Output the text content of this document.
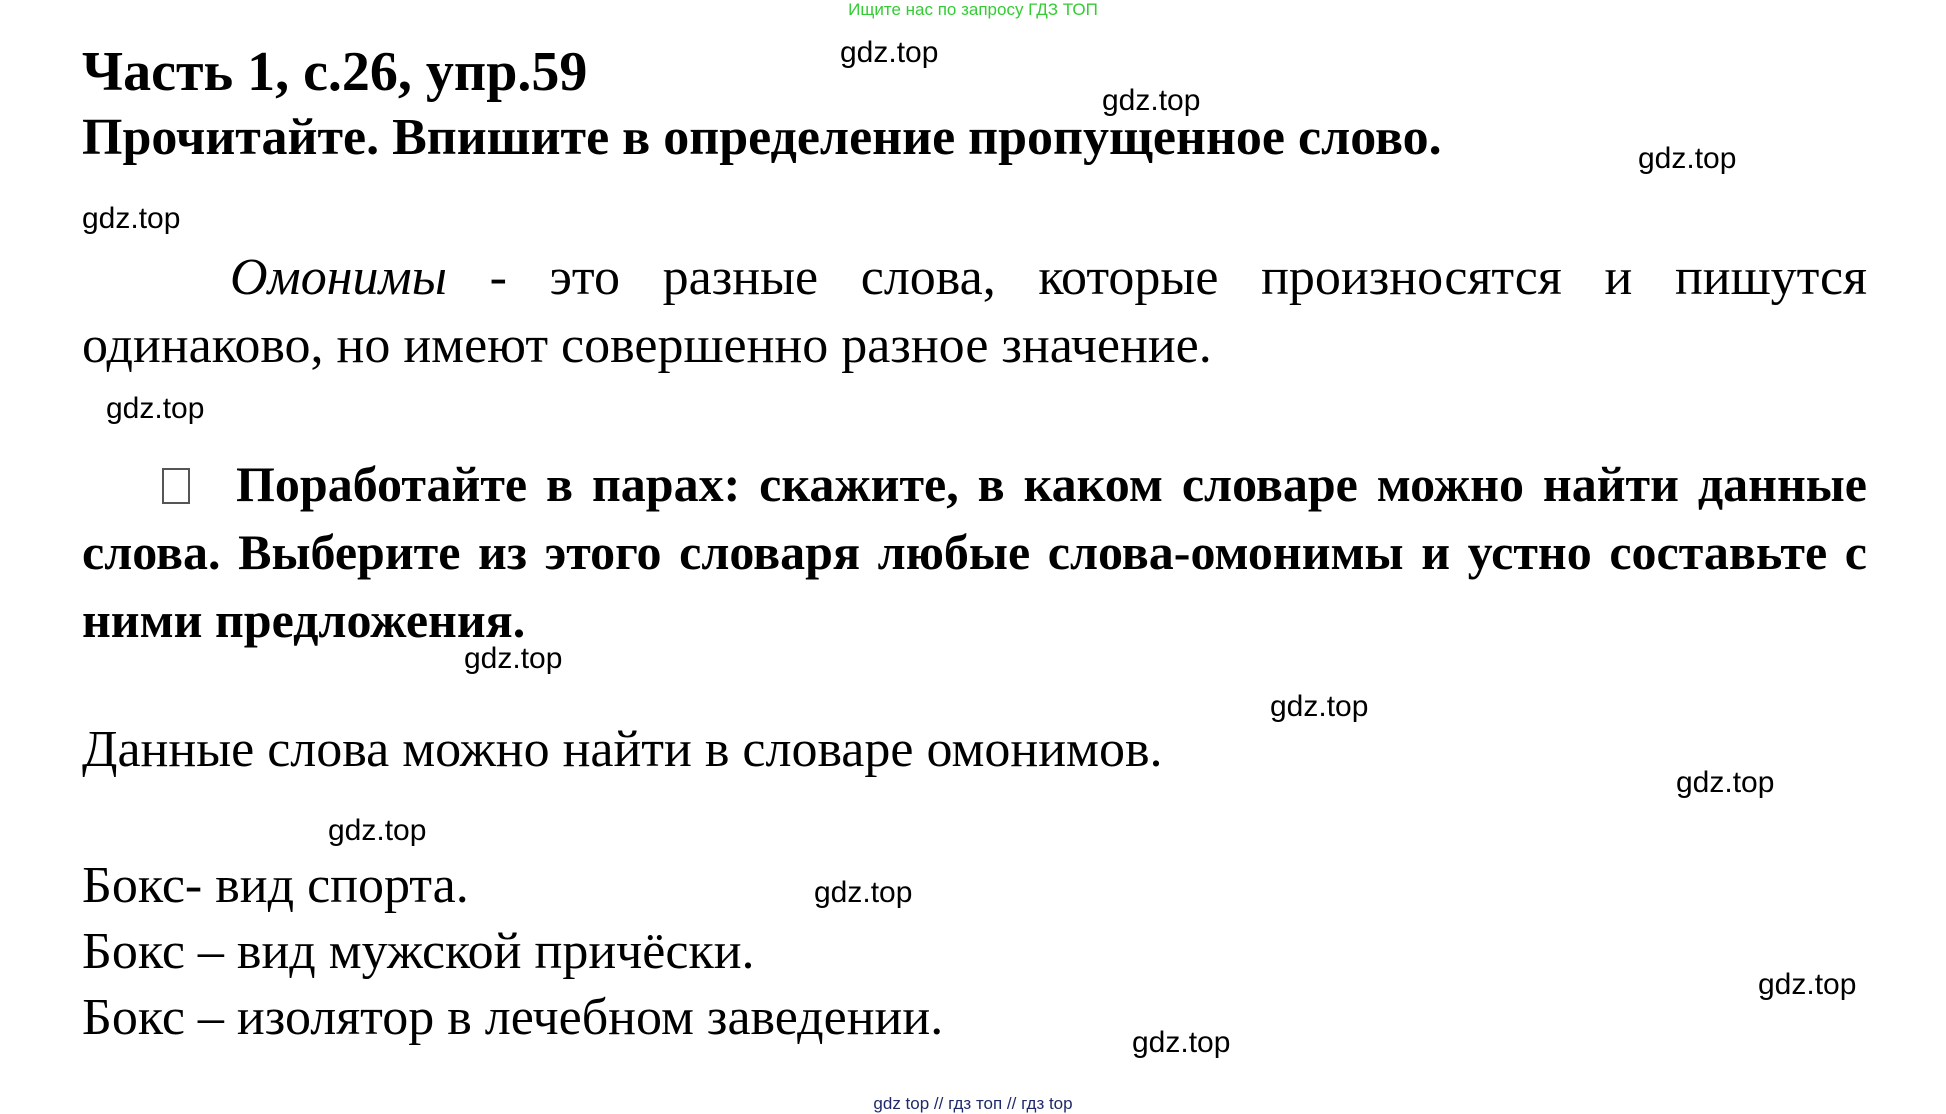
Ищите нас по запросу ГДЗ ТОП
Часть 1, с.26, упр.59
Прочитайте. Впишите в определение пропущенное слово.
Омонимы - это разные слова, которые произносятся и пишутся одинаково, но имеют совершенно разное значение.
Поработайте в парах: скажите, в каком словаре можно найти данные слова. Выберите из этого словаря любые слова-омонимы и устно составьте с ними предложения.
Данные слова можно найти в словаре омонимов.
Бокс- вид спорта.
Бокс – вид мужской причёски.
Бокс – изолятор в лечебном заведении.
gdz.top
gdz.top
gdz.top
gdz.top
gdz.top
gdz.top
gdz.top
gdz.top
gdz.top
gdz.top
gdz.top
gdz.top
gdz top // гдз топ // гдз top
